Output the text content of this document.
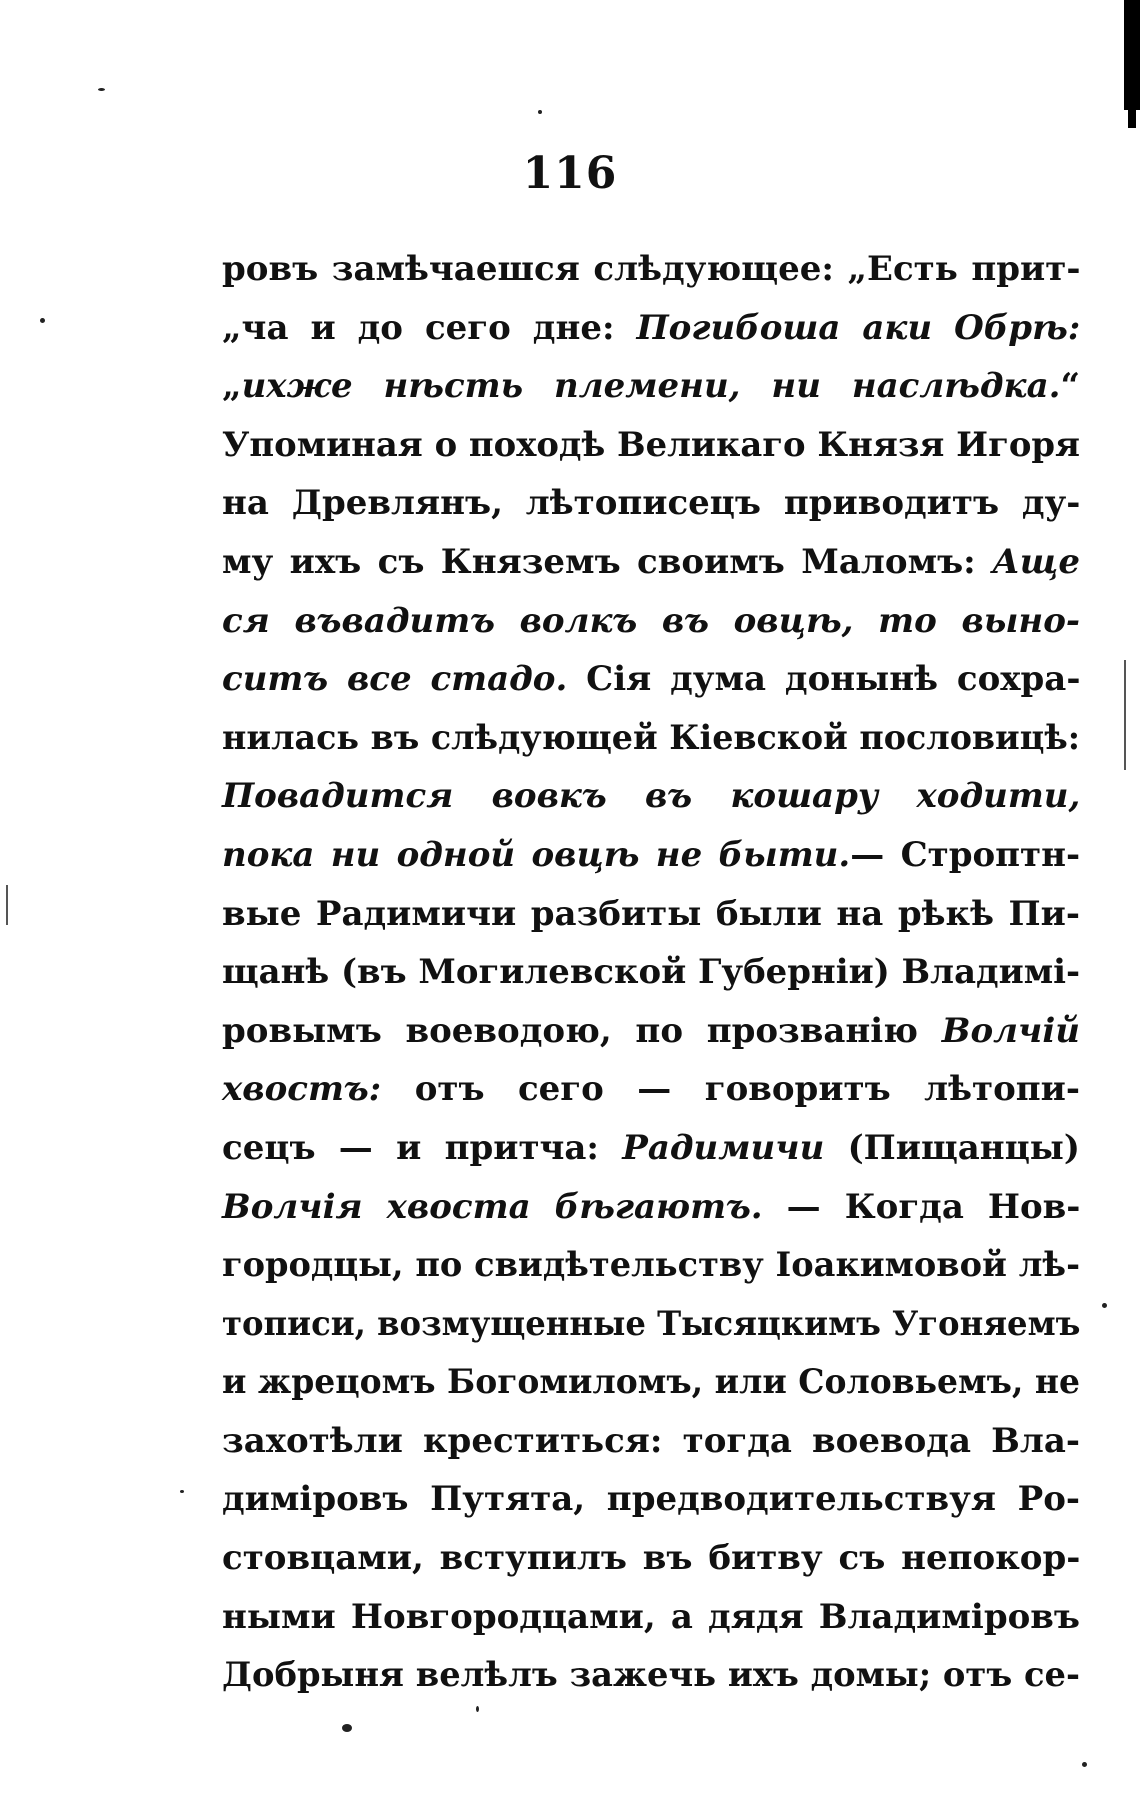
116
ровъ замѣчаешся слѣдующее: „Есть прит-
„ча и до сего дне: Погибоша аки Обрѣ:
„ихже нѣсть племени, ни наслѣдка.“
Упоминая о походѣ Великаго Князя Игоря
на Древлянъ, лѣтописецъ приводитъ ду-
му ихъ съ Княземъ своимъ Маломъ: Аще
ся въвадитъ волкъ въ овцѣ, то выно-
ситъ все стадо. Сія дума донынѣ сохра-
нилась въ слѣдующей Кіевской пословицѣ:
Повадится вовкъ въ кошару ходити,
пока ни одной овцѣ не быти.— Строптн-
вые Радимичи разбиты были на рѣкѣ Пи-
щанѣ (въ Могилевской Губерніи) Владимі-
ровымъ воеводою, по прозванію Волчій
хвостъ: отъ сего — говоритъ лѣтопи-
сецъ — и притча: Радимичи (Пищанцы)
Волчія хвоста бѣгаютъ. — Когда Нов-
городцы, по свидѣтельству Іоакимовой лѣ-
тописи, возмущенные Тысяцкимъ Угоняемъ
и жрецомъ Богомиломъ, или Соловьемъ, не
захотѣли креститься: тогда воевода Вла-
диміровъ Путята, предводительствуя Ро-
стовцами, вступилъ въ битву съ непокор-
ными Новгородцами, а дядя Владиміровъ
Добрыня велѣлъ зажечь ихъ домы; отъ се-
